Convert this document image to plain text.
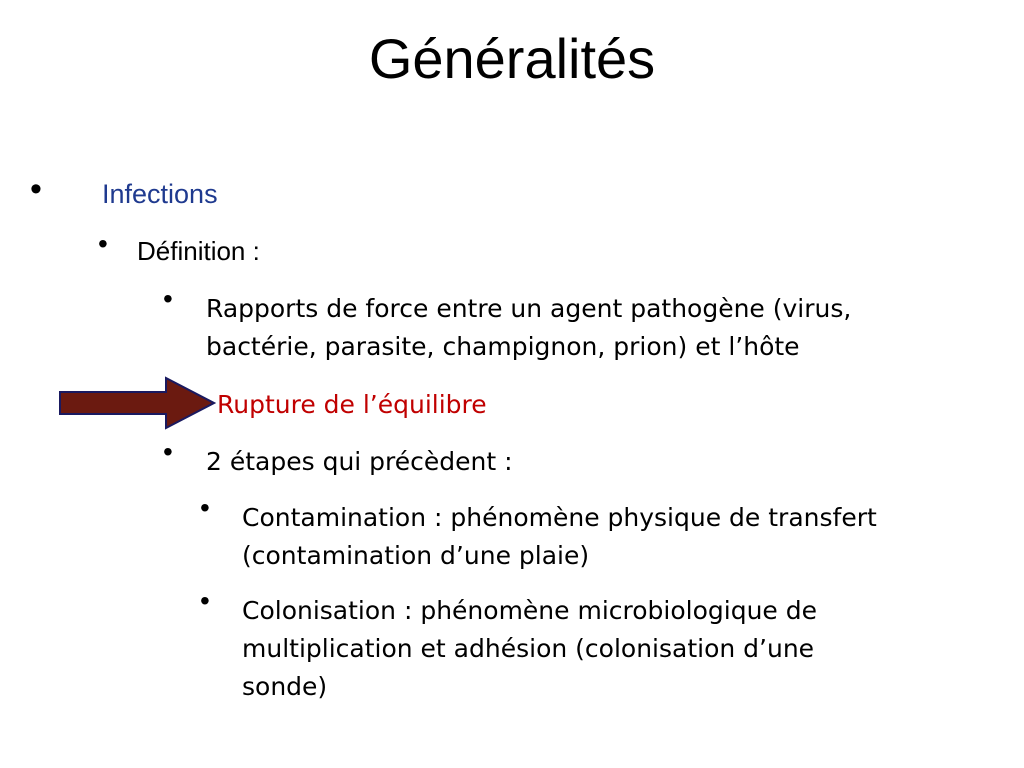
Généralités
• Infections
• Définition :
• Rapports de force entre un agent pathogène (virus,
bactérie, parasite, champignon, prion) et l’hôte
Rupture de l’équilibre
• 2 étapes qui précèdent :
• Contamination : phénomène physique de transfert
(contamination d’une plaie)
• Colonisation : phénomène microbiologique de
multiplication et adhésion (colonisation d’une
sonde)
